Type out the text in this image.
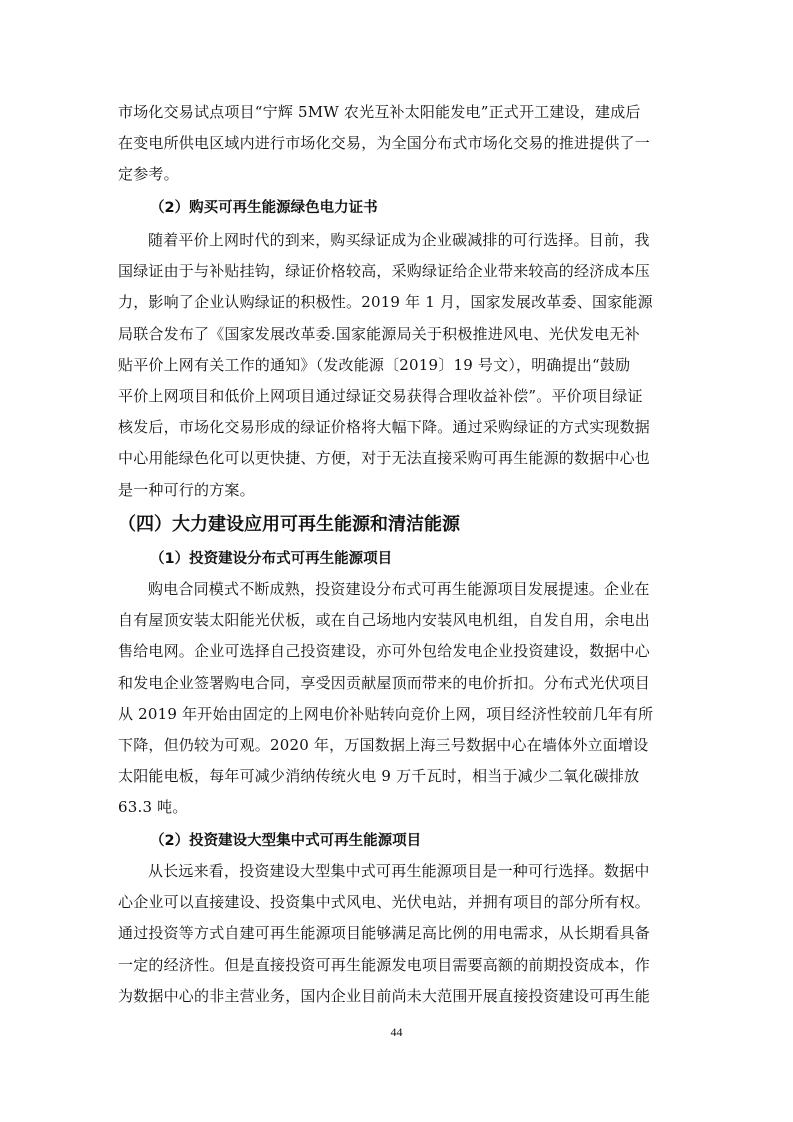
市场化交易试点项目“宁辉 5MW 农光互补太阳能发电”正式开工建设，建成后
在变电所供电区域内进行市场化交易，为全国分布式市场化交易的推进提供了一
定参考。
（2）购买可再生能源绿色电力证书
随着平价上网时代的到来，购买绿证成为企业碳减排的可行选择。目前，我
国绿证由于与补贴挂钩，绿证价格较高，采购绿证给企业带来较高的经济成本压
力，影响了企业认购绿证的积极性。2019 年 1 月，国家发展改革委、国家能源
局联合发布了《国家发展改革委.国家能源局关于积极推进风电、光伏发电无补
贴平价上网有关工作的通知》（发改能源〔2019〕19 号文），明确提出“鼓励
平价上网项目和低价上网项目通过绿证交易获得合理收益补偿”。平价项目绿证
核发后，市场化交易形成的绿证价格将大幅下降。通过采购绿证的方式实现数据
中心用能绿色化可以更快捷、方便，对于无法直接采购可再生能源的数据中心也
是一种可行的方案。
（四）大力建设应用可再生能源和清洁能源
（1）投资建设分布式可再生能源项目
购电合同模式不断成熟，投资建设分布式可再生能源项目发展提速。企业在
自有屋顶安装太阳能光伏板，或在自己场地内安装风电机组，自发自用，余电出
售给电网。企业可选择自己投资建设，亦可外包给发电企业投资建设，数据中心
和发电企业签署购电合同，享受因贡献屋顶而带来的电价折扣。分布式光伏项目
从 2019 年开始由固定的上网电价补贴转向竞价上网，项目经济性较前几年有所
下降，但仍较为可观。2020 年，万国数据上海三号数据中心在墙体外立面增设
太阳能电板，每年可减少消纳传统火电 9 万千瓦时，相当于减少二氧化碳排放
63.3 吨。
（2）投资建设大型集中式可再生能源项目
从长远来看，投资建设大型集中式可再生能源项目是一种可行选择。数据中
心企业可以直接建设、投资集中式风电、光伏电站，并拥有项目的部分所有权。
通过投资等方式自建可再生能源项目能够满足高比例的用电需求，从长期看具备
一定的经济性。但是直接投资可再生能源发电项目需要高额的前期投资成本，作
为数据中心的非主营业务，国内企业目前尚未大范围开展直接投资建设可再生能
44
